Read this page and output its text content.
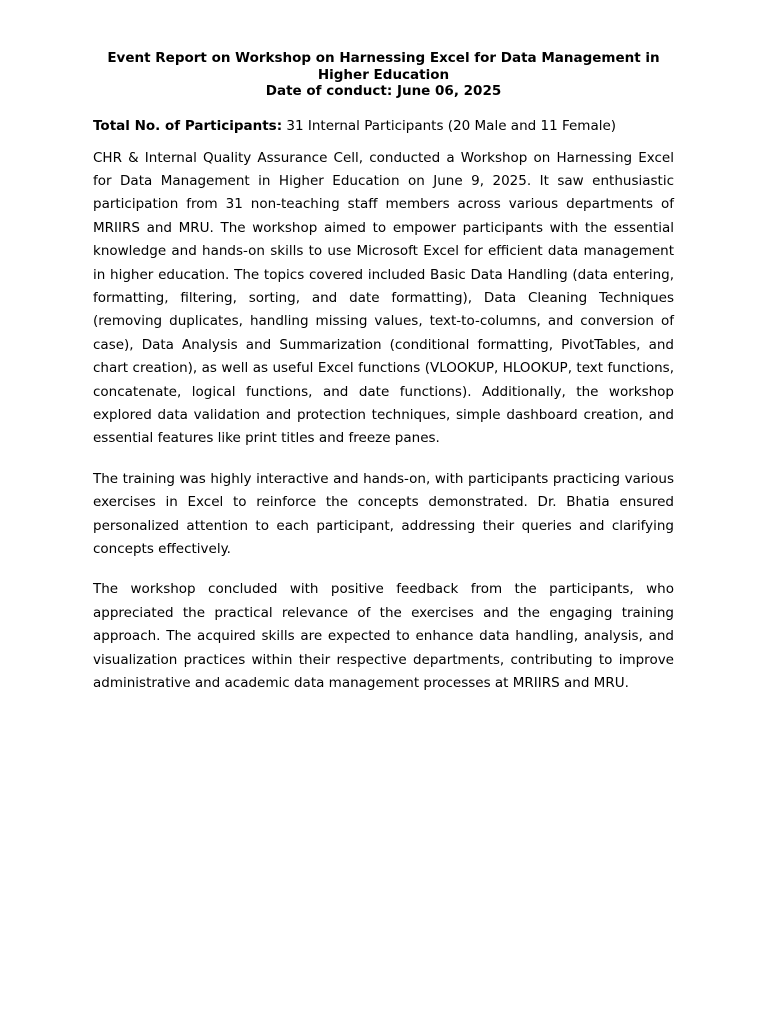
Event Report on Workshop on Harnessing Excel for Data Management in Higher Education
Date of conduct: June 06, 2025
Total No. of Participants: 31 Internal Participants (20 Male and 11 Female)

CHR & Internal Quality Assurance Cell, conducted a Workshop on Harnessing Excel for Data Management in Higher Education on June 9, 2025. It saw enthusiastic participation from 31 non-teaching staff members across various departments of MRIIRS and MRU. The workshop aimed to empower participants with the essential knowledge and hands-on skills to use Microsoft Excel for efficient data management in higher education. The topics covered included Basic Data Handling (data entering, formatting, filtering, sorting, and date formatting), Data Cleaning Techniques (removing duplicates, handling missing values, text-to-columns, and conversion of case), Data Analysis and Summarization (conditional formatting, PivotTables, and chart creation), as well as useful Excel functions (VLOOKUP, HLOOKUP, text functions, concatenate, logical functions, and date functions). Additionally, the workshop explored data validation and protection techniques, simple dashboard creation, and essential features like print titles and freeze panes.

The training was highly interactive and hands-on, with participants practicing various exercises in Excel to reinforce the concepts demonstrated. Dr. Bhatia ensured personalized attention to each participant, addressing their queries and clarifying concepts effectively.

The workshop concluded with positive feedback from the participants, who appreciated the practical relevance of the exercises and the engaging training approach. The acquired skills are expected to enhance data handling, analysis, and visualization practices within their respective departments, contributing to improve administrative and academic data management processes at MRIIRS and MRU.
